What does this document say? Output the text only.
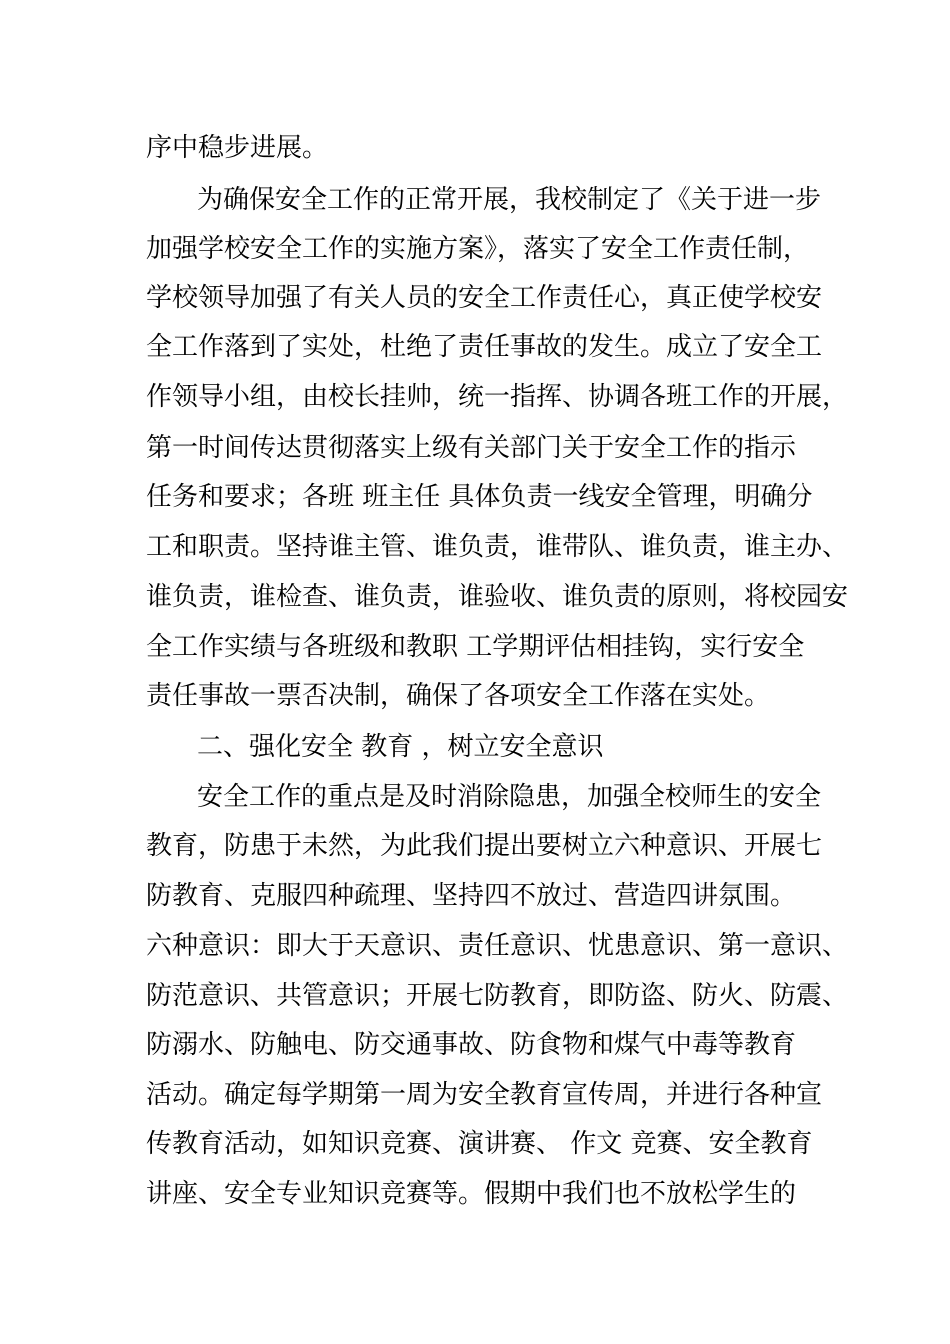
序中稳步进展。
为确保安全工作的正常开展，我校制定了《关于进一步
加强学校安全工作的实施方案》，落实了安全工作责任制，
学校领导加强了有关人员的安全工作责任心，真正使学校安
全工作落到了实处，杜绝了责任事故的发生。成立了安全工
作领导小组，由校长挂帅，统一指挥、协调各班工作的开展，
第一时间传达贯彻落实上级有关部门关于安全工作的指示
任务和要求；各班 班主任 具体负责一线安全管理，明确分
工和职责。坚持谁主管、谁负责，谁带队、谁负责，谁主办、
谁负责，谁检查、谁负责，谁验收、谁负责的原则，将校园安
全工作实绩与各班级和教职 工学期评估相挂钩，实行安全
责任事故一票否决制，确保了各项安全工作落在实处。
二、强化安全 教育 ，树立安全意识
安全工作的重点是及时消除隐患，加强全校师生的安全
教育，防患于未然，为此我们提出要树立六种意识、开展七
防教育、克服四种疏理、坚持四不放过、营造四讲氛围。
六种意识：即大于天意识、责任意识、忧患意识、第一意识、
防范意识、共管意识；开展七防教育，即防盗、防火、防震、
防溺水、防触电、防交通事故、防食物和煤气中毒等教育
活动。确定每学期第一周为安全教育宣传周，并进行各种宣
传教育活动，如知识竞赛、演讲赛、 作文 竞赛、安全教育
讲座、安全专业知识竞赛等。假期中我们也不放松学生的
